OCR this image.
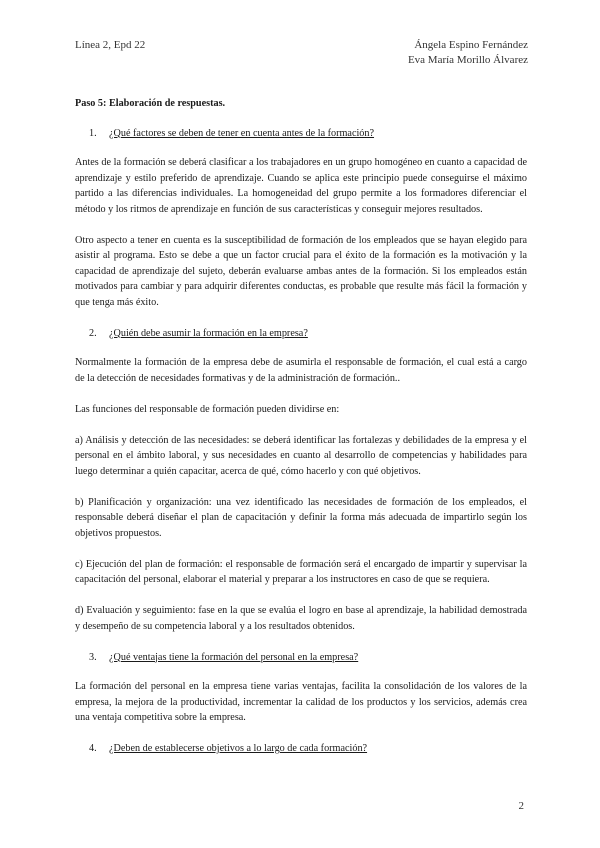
Línea 2, Epd 22	Ángela Espino Fernández
Eva María Morillo Álvarez
Paso 5: Elaboración de respuestas.
1. ¿Qué factores se deben de tener en cuenta antes de la formación?

Antes de la formación se deberá clasificar a los trabajadores en un grupo homogéneo en cuanto a capacidad de aprendizaje y estilo preferido de aprendizaje. Cuando se aplica este principio puede conseguirse el máximo partido a las diferencias individuales. La homogeneidad del grupo permite a los formadores diferenciar el método y los ritmos de aprendizaje en función de sus características y conseguir mejores resultados.

Otro aspecto a tener en cuenta es la susceptibilidad de formación de los empleados que se hayan elegido para asistir al programa. Esto se debe a que un factor crucial para el éxito de la formación es la motivación y la capacidad de aprendizaje del sujeto, deberán evaluarse ambas antes de la formación. Si los empleados están motivados para cambiar y para adquirir diferentes conductas, es probable que resulte más fácil la formación y que tenga más éxito.

2. ¿Quién debe asumir la formación en la empresa?

Normalmente la formación de la empresa debe de asumirla el responsable de formación, el cual está a cargo de la detección de necesidades formativas y de la administración de formación..

Las funciones del responsable de formación pueden dividirse en:

a) Análisis y detección de las necesidades: se deberá identificar las fortalezas y debilidades de la empresa y el personal en el ámbito laboral, y sus necesidades en cuanto al desarrollo de competencias y habilidades para luego determinar a quién capacitar, acerca de qué, cómo hacerlo y con qué objetivos.

b) Planificación y organización: una vez identificado las necesidades de formación de los empleados, el responsable deberá diseñar el plan de capacitación y definir la forma más adecuada de impartirlo según los objetivos propuestos.

c) Ejecución del plan de formación: el responsable de formación será el encargado de impartir y supervisar la capacitación del personal, elaborar el material y preparar a los instructores en caso de que se requiera.

d) Evaluación y seguimiento: fase en la que se evalúa el logro en base al aprendizaje, la habilidad demostrada y desempeño de su competencia laboral y a los resultados obtenidos.

3. ¿Qué ventajas tiene la formación del personal en la empresa?

La formación del personal en la empresa tiene varias ventajas, facilita la consolidación de los valores de la empresa, la mejora de la productividad, incrementar la calidad de los productos y los servicios, además crea una ventaja competitiva sobre la empresa.

4. ¿Deben de establecerse objetivos a lo largo de cada formación?
2
